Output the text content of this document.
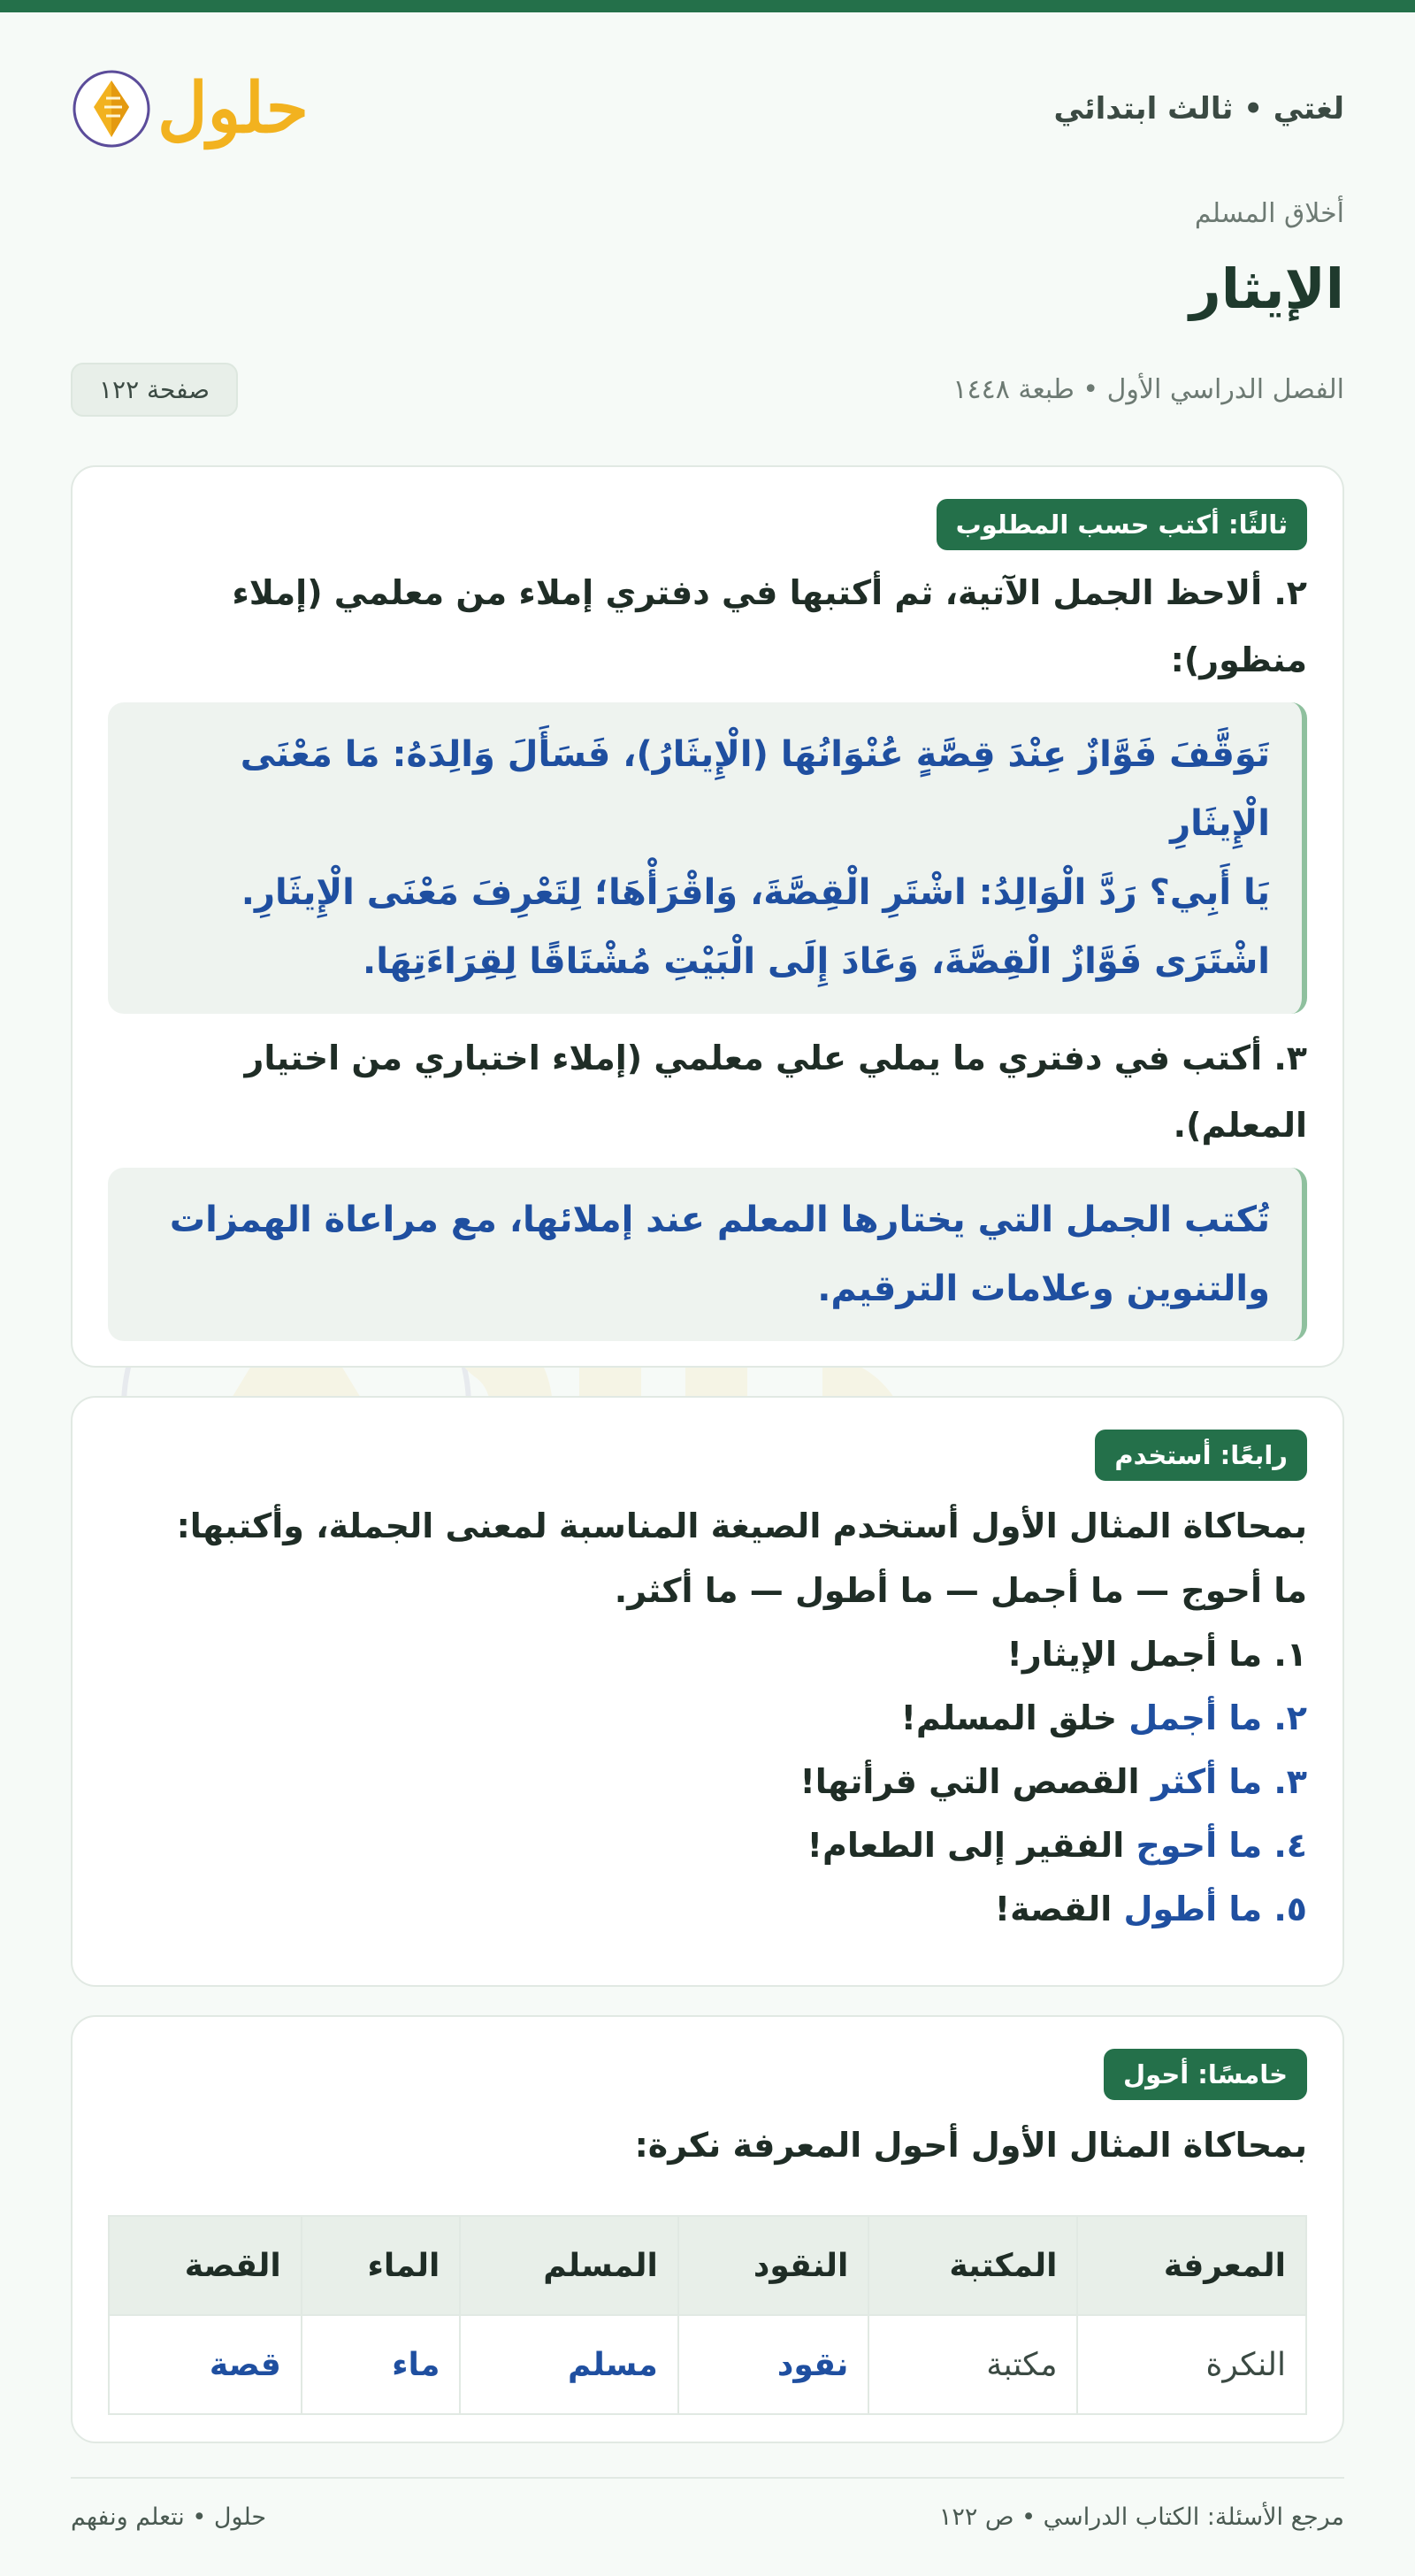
لغتي • ثالث ابتدائي
حلول
أخلاق المسلم
الإيثار
الفصل الدراسي الأول • طبعة ١٤٤٨
صفحة ١٢٢
ثالثًا: أكتب حسب المطلوب

٢. ألاحظ الجمل الآتية، ثم أكتبها في دفتري إملاء من معلمي (إملاء منظور):

تَوَقَّفَ فَوَّازٌ عِنْدَ قِصَّةٍ عُنْوَانُهَا (الْإِيثَارُ)، فَسَأَلَ وَالِدَهُ: مَا مَعْنَى الْإِيثَارِ

يَا أَبِي؟ رَدَّ الْوَالِدُ: اشْتَرِ الْقِصَّةَ، وَاقْرَأْهَا؛ لِتَعْرِفَ مَعْنَى الْإِيثَارِ.

اشْتَرَى فَوَّازٌ الْقِصَّةَ، وَعَادَ إِلَى الْبَيْتِ مُشْتَاقًا لِقِرَاءَتِهَا.

٣. أكتب في دفتري ما يملي علي معلمي (إملاء اختباري من اختيار المعلم).

تُكتب الجمل التي يختارها المعلم عند إملائها، مع مراعاة الهمزات والتنوين وعلامات الترقيم.

رابعًا: أستخدم

بمحاكاة المثال الأول أستخدم الصيغة المناسبة لمعنى الجملة، وأكتبها:

ما أحوج — ما أجمل — ما أطول — ما أكثر.

١. ما أجمل الإيثار!

٢. ما أجمل خلق المسلم!

٣. ما أكثر القصص التي قرأتها!

٤. ما أحوج الفقير إلى الطعام!

٥. ما أطول القصة!

خامسًا: أحول

بمحاكاة المثال الأول أحول المعرفة نكرة:

المعرفة	المكتبة	النقود	المسلم	الماء	القصة
النكرة	مكتبة	نقود	مسلم	ماء	قصة
مرجع الأسئلة: الكتاب الدراسي • ص ١٢٢
حلول • نتعلم ونفهم
